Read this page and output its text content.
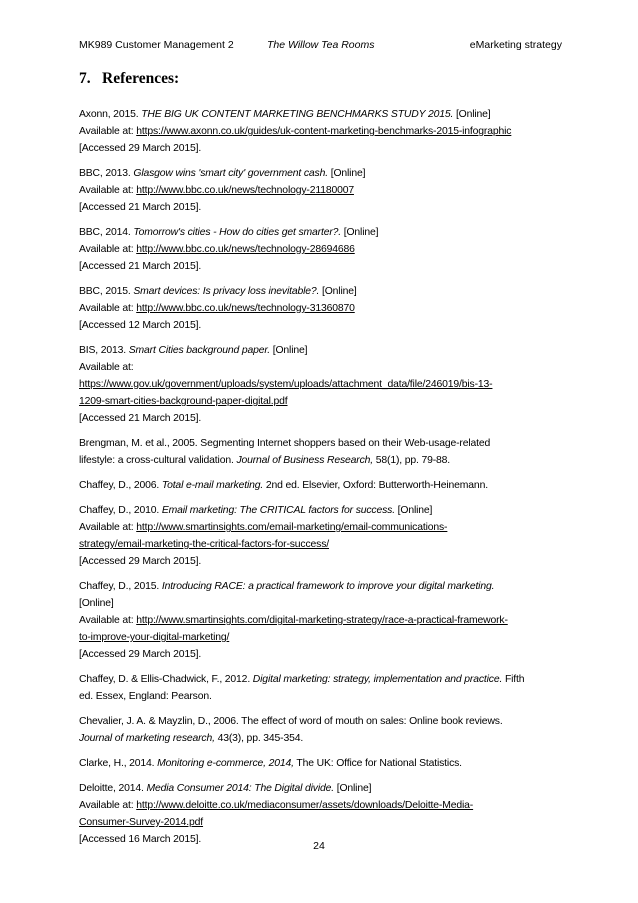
MK989 Customer Management 2	The Willow Tea Rooms	eMarketing strategy
7. References:
Axonn, 2015. THE BIG UK CONTENT MARKETING BENCHMARKS STUDY 2015. [Online]
Available at: https://www.axonn.co.uk/guides/uk-content-marketing-benchmarks-2015-infographic
[Accessed 29 March 2015].
BBC, 2013. Glasgow wins 'smart city' government cash. [Online]
Available at: http://www.bbc.co.uk/news/technology-21180007
[Accessed 21 March 2015].
BBC, 2014. Tomorrow's cities - How do cities get smarter?. [Online]
Available at: http://www.bbc.co.uk/news/technology-28694686
[Accessed 21 March 2015].
BBC, 2015. Smart devices: Is privacy loss inevitable?. [Online]
Available at: http://www.bbc.co.uk/news/technology-31360870
[Accessed 12 March 2015].
BIS, 2013. Smart Cities background paper. [Online]
Available at:
https://www.gov.uk/government/uploads/system/uploads/attachment_data/file/246019/bis-13-
1209-smart-cities-background-paper-digital.pdf
[Accessed 21 March 2015].
Brengman, M. et al., 2005. Segmenting Internet shoppers based on their Web-usage-related
lifestyle: a cross-cultural validation. Journal of Business Research, 58(1), pp. 79-88.
Chaffey, D., 2006. Total e-mail marketing. 2nd ed. Elsevier, Oxford: Butterworth-Heinemann.
Chaffey, D., 2010. Email marketing: The CRITICAL factors for success. [Online]
Available at: http://www.smartinsights.com/email-marketing/email-communications-
strategy/email-marketing-the-critical-factors-for-success/
[Accessed 29 March 2015].
Chaffey, D., 2015. Introducing RACE: a practical framework to improve your digital marketing.
[Online]
Available at: http://www.smartinsights.com/digital-marketing-strategy/race-a-practical-framework-
to-improve-your-digital-marketing/
[Accessed 29 March 2015].
Chaffey, D. & Ellis-Chadwick, F., 2012. Digital marketing: strategy, implementation and practice. Fifth
ed. Essex, England: Pearson.
Chevalier, J. A. & Mayzlin, D., 2006. The effect of word of mouth on sales: Online book reviews.
Journal of marketing research, 43(3), pp. 345-354.
Clarke, H., 2014. Monitoring e-commerce, 2014, The UK: Office for National Statistics.
Deloitte, 2014. Media Consumer 2014: The Digital divide. [Online]
Available at: http://www.deloitte.co.uk/mediaconsumer/assets/downloads/Deloitte-Media-
Consumer-Survey-2014.pdf
[Accessed 16 March 2015].
24
